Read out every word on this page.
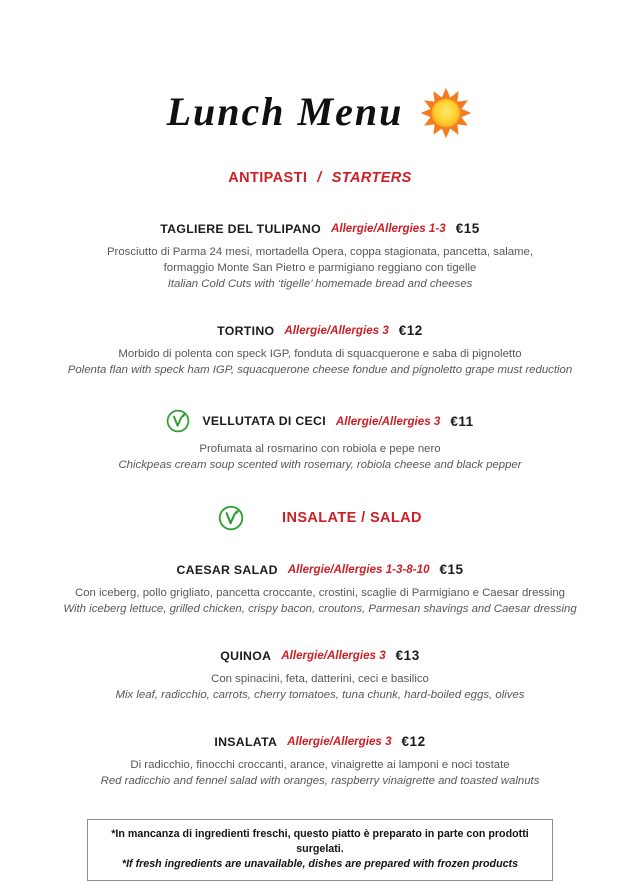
Lunch Menu
ANTIPASTI / STARTERS
TAGLIERE DEL TULIPANO Allergie/Allergies 1-3 €15
Prosciutto di Parma 24 mesi, mortadella Opera, coppa stagionata, pancetta, salame, formaggio Monte San Pietro e parmigiano reggiano con tigelle
Italian Cold Cuts with ‘tigelle’ homemade bread and cheeses
TORTINO Allergie/Allergies 3 €12
Morbido di polenta con speck IGP, fonduta di squacquerone e saba di pignoletto
Polenta flan with speck ham IGP, squacquerone cheese fondue and pignoletto grape must reduction
VELLUTATA DI CECI Allergie/Allergies 3 €11
Profumata al rosmarino con robiola e pepe nero
Chickpeas cream soup scented with rosemary, robiola cheese and black pepper
INSALATE / SALAD
CAESAR SALAD Allergie/Allergies 1-3-8-10 €15
Con iceberg, pollo grigliato, pancetta croccante, crostini, scaglie di Parmigiano e Caesar dressing
With iceberg lettuce, grilled chicken, crispy bacon, croutons, Parmesan shavings and Caesar dressing
QUINOA Allergie/Allergies 3 €13
Con spinacini, feta, datterini, ceci e basilico
Mix leaf, radicchio, carrots, cherry tomatoes, tuna chunk, hard-boiled eggs, olives
INSALATA Allergie/Allergies 3 €12
Di radicchio, finocchi croccanti, arance, vinaigrette ai lamponi e noci tostate
Red radicchio and fennel salad with oranges, raspberry vinaigrette and toasted walnuts
*In mancanza di ingredienti freschi, questo piatto è preparato in parte con prodotti surgelati.
*If fresh ingredients are unavailable, dishes are prepared with frozen products
